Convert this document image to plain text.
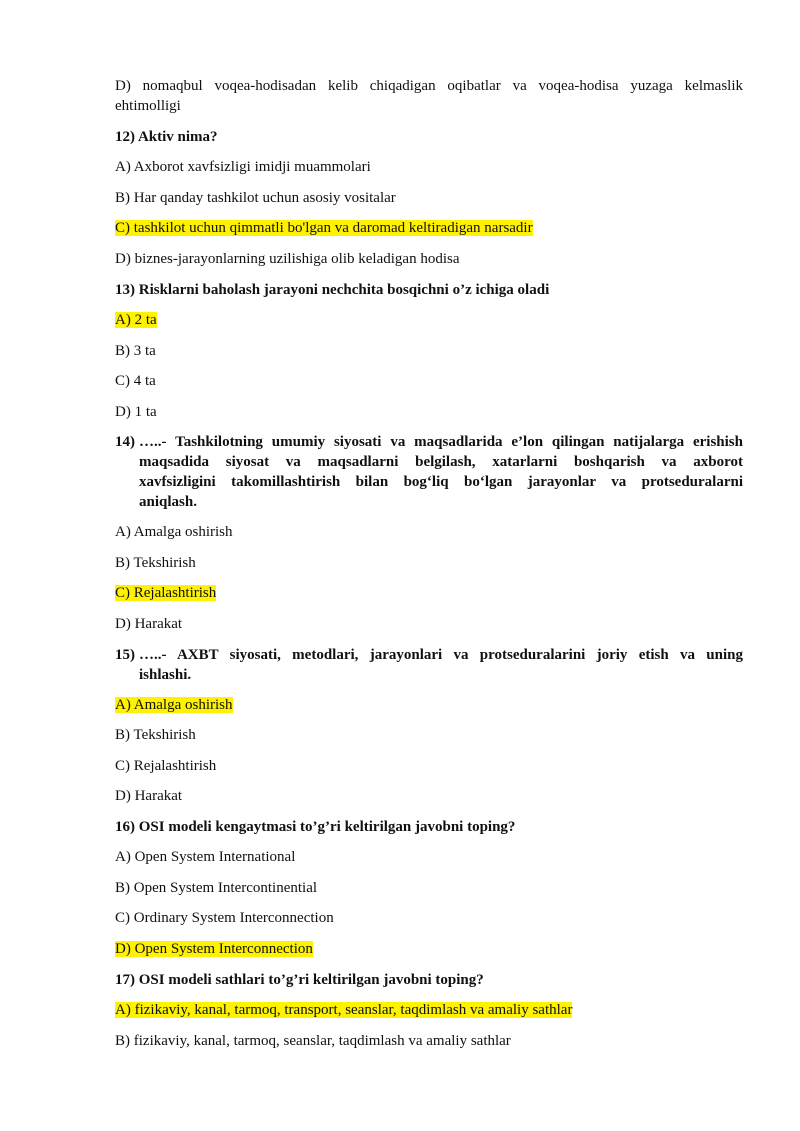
D) nomaqbul voqea-hodisadan kelib chiqadigan oqibatlar va voqea-hodisa yuzaga kelmaslik
ehtimolligi
12) Aktiv nima?
A) Axborot xavfsizligi imidji muammolari
B) Har qanday tashkilot uchun asosiy vositalar
C) tashkilot uchun qimmatli bo'lgan va daromad keltiradigan narsadir
D) biznes-jarayonlarning uzilishiga olib keladigan hodisa
13) Risklarni baholash jarayoni nechchita bosqichni o’z ichiga oladi
A) 2 ta
B) 3 ta
C) 4 ta
D) 1 ta
14) …..- Tashkilotning umumiy siyosati va maqsadlarida e’lon qilingan natijalarga erishish
maqsadida siyosat va maqsadlarni belgilash, xatarlarni boshqarish va axborot
xavfsizligini takomillashtirish bilan bog‘liq bo‘lgan jarayonlar va protseduralarni
aniqlash.
A) Amalga oshirish
B) Tekshirish
C) Rejalashtirish
D) Harakat
15) …..- AXBT siyosati, metodlari, jarayonlari va protseduralarini joriy etish va uning
ishlashi.
A) Amalga oshirish
B) Tekshirish
C) Rejalashtirish
D) Harakat
16) OSI modeli kengaytmasi to’g’ri keltirilgan javobni toping?
A) Open System International
B) Open System Intercontinential
C) Ordinary System Interconnection
D) Open System Interconnection
17) OSI modeli sathlari to’g’ri keltirilgan javobni toping?
A) fizikaviy, kanal, tarmoq, transport, seanslar, taqdimlash va amaliy sathlar
B) fizikaviy, kanal, tarmoq, seanslar, taqdimlash va amaliy sathlar
